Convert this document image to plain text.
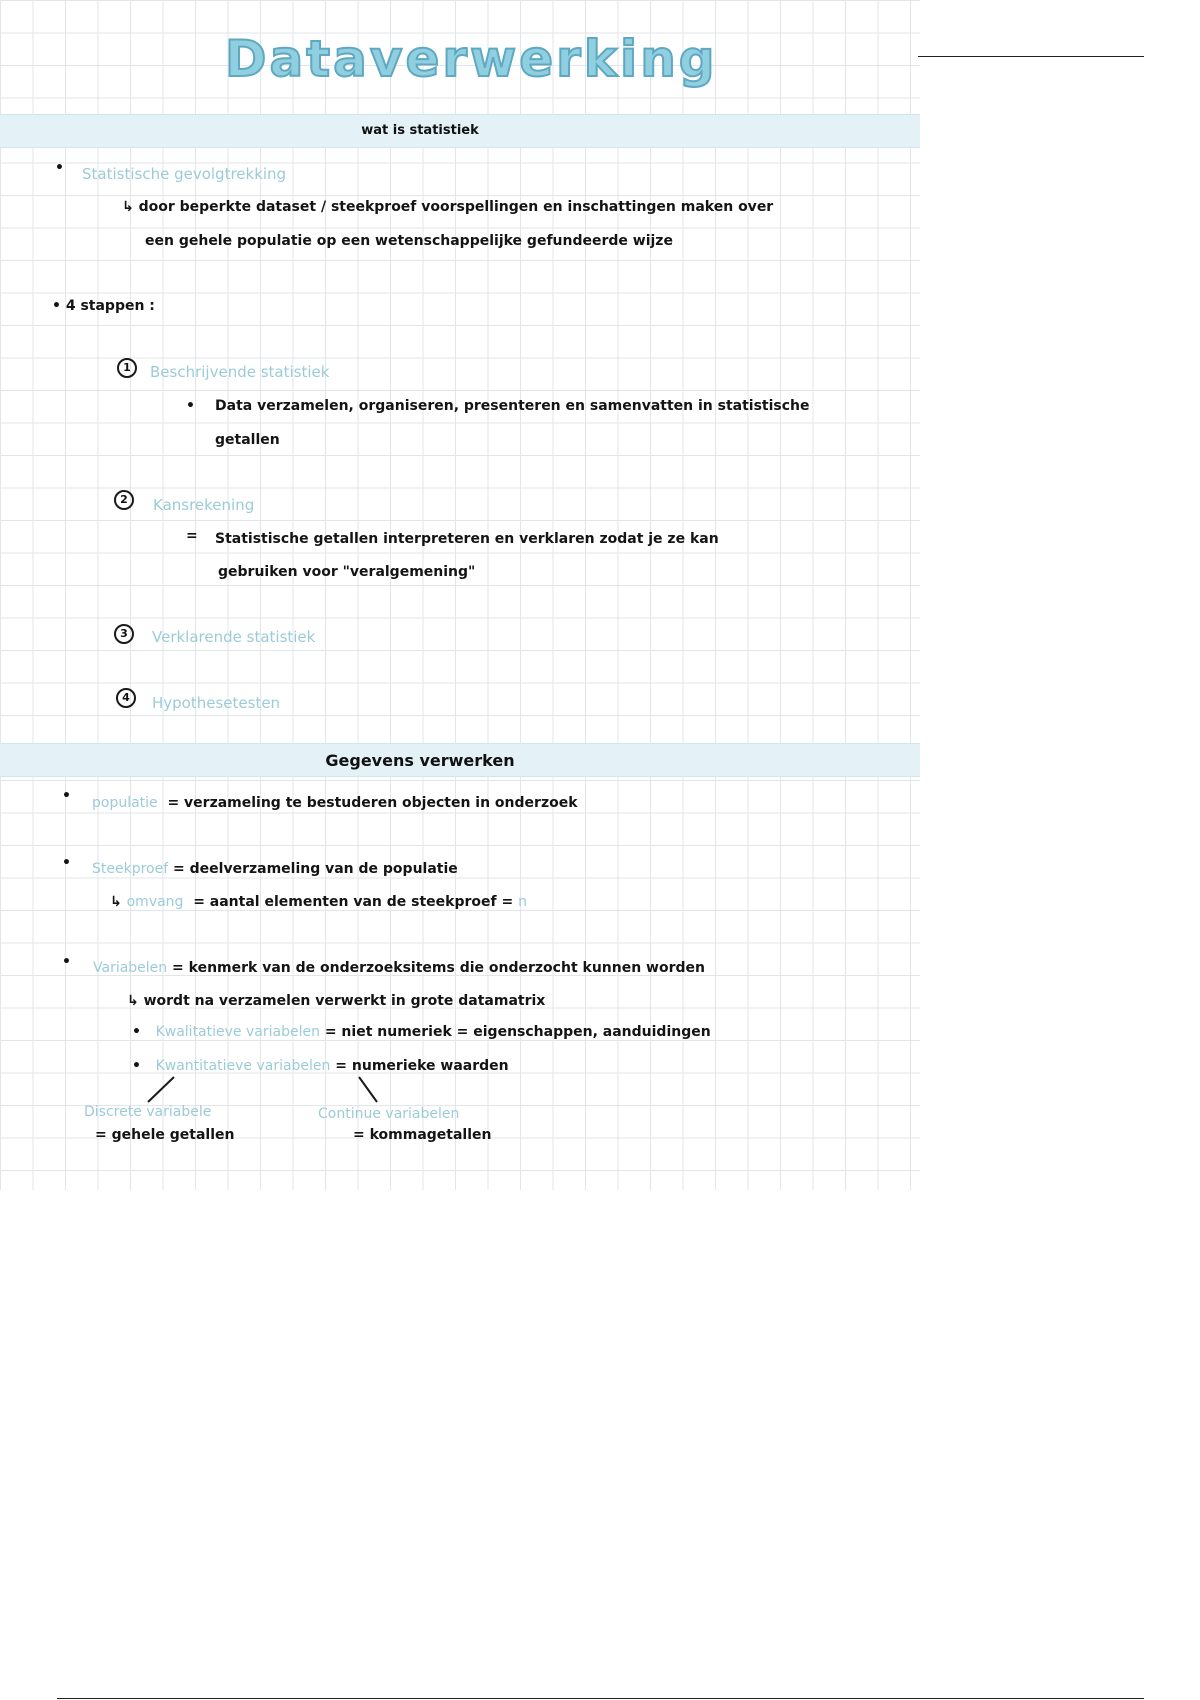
Dataverwerking
wat is statistiek
• Statistische gevolgtrekking
↳ door beperkte dataset / steekproef voorspellingen en inschattingen maken over
een gehele populatie op een wetenschappelijke gefundeerde wijze
• 4 stappen :
1	Beschrijvende statistiek
• Data verzamelen, organiseren, presenteren en samenvatten in statistische
getallen
2	Kansrekening
= Statistische getallen interpreteren en verklaren zodat je ze kan
gebruiken voor "veralgemening"
3	Verklarende statistiek
4	Hypothesetesten
Gegevens verwerken
• populatie = verzameling te bestuderen objecten in onderzoek
• Steekproef = deelverzameling van de populatie
↳ omvang = aantal elementen van de steekproef = n
• Variabelen = kenmerk van de onderzoeksitems die onderzocht kunnen worden
↳ wordt na verzamelen verwerkt in grote datamatrix
•   Kwalitatieve variabelen = niet numeriek = eigenschappen, aanduidingen
•   Kwantitatieve variabelen = numerieke waarden
Discrete variabele
= gehele getallen
Continue variabelen
= kommagetallen
